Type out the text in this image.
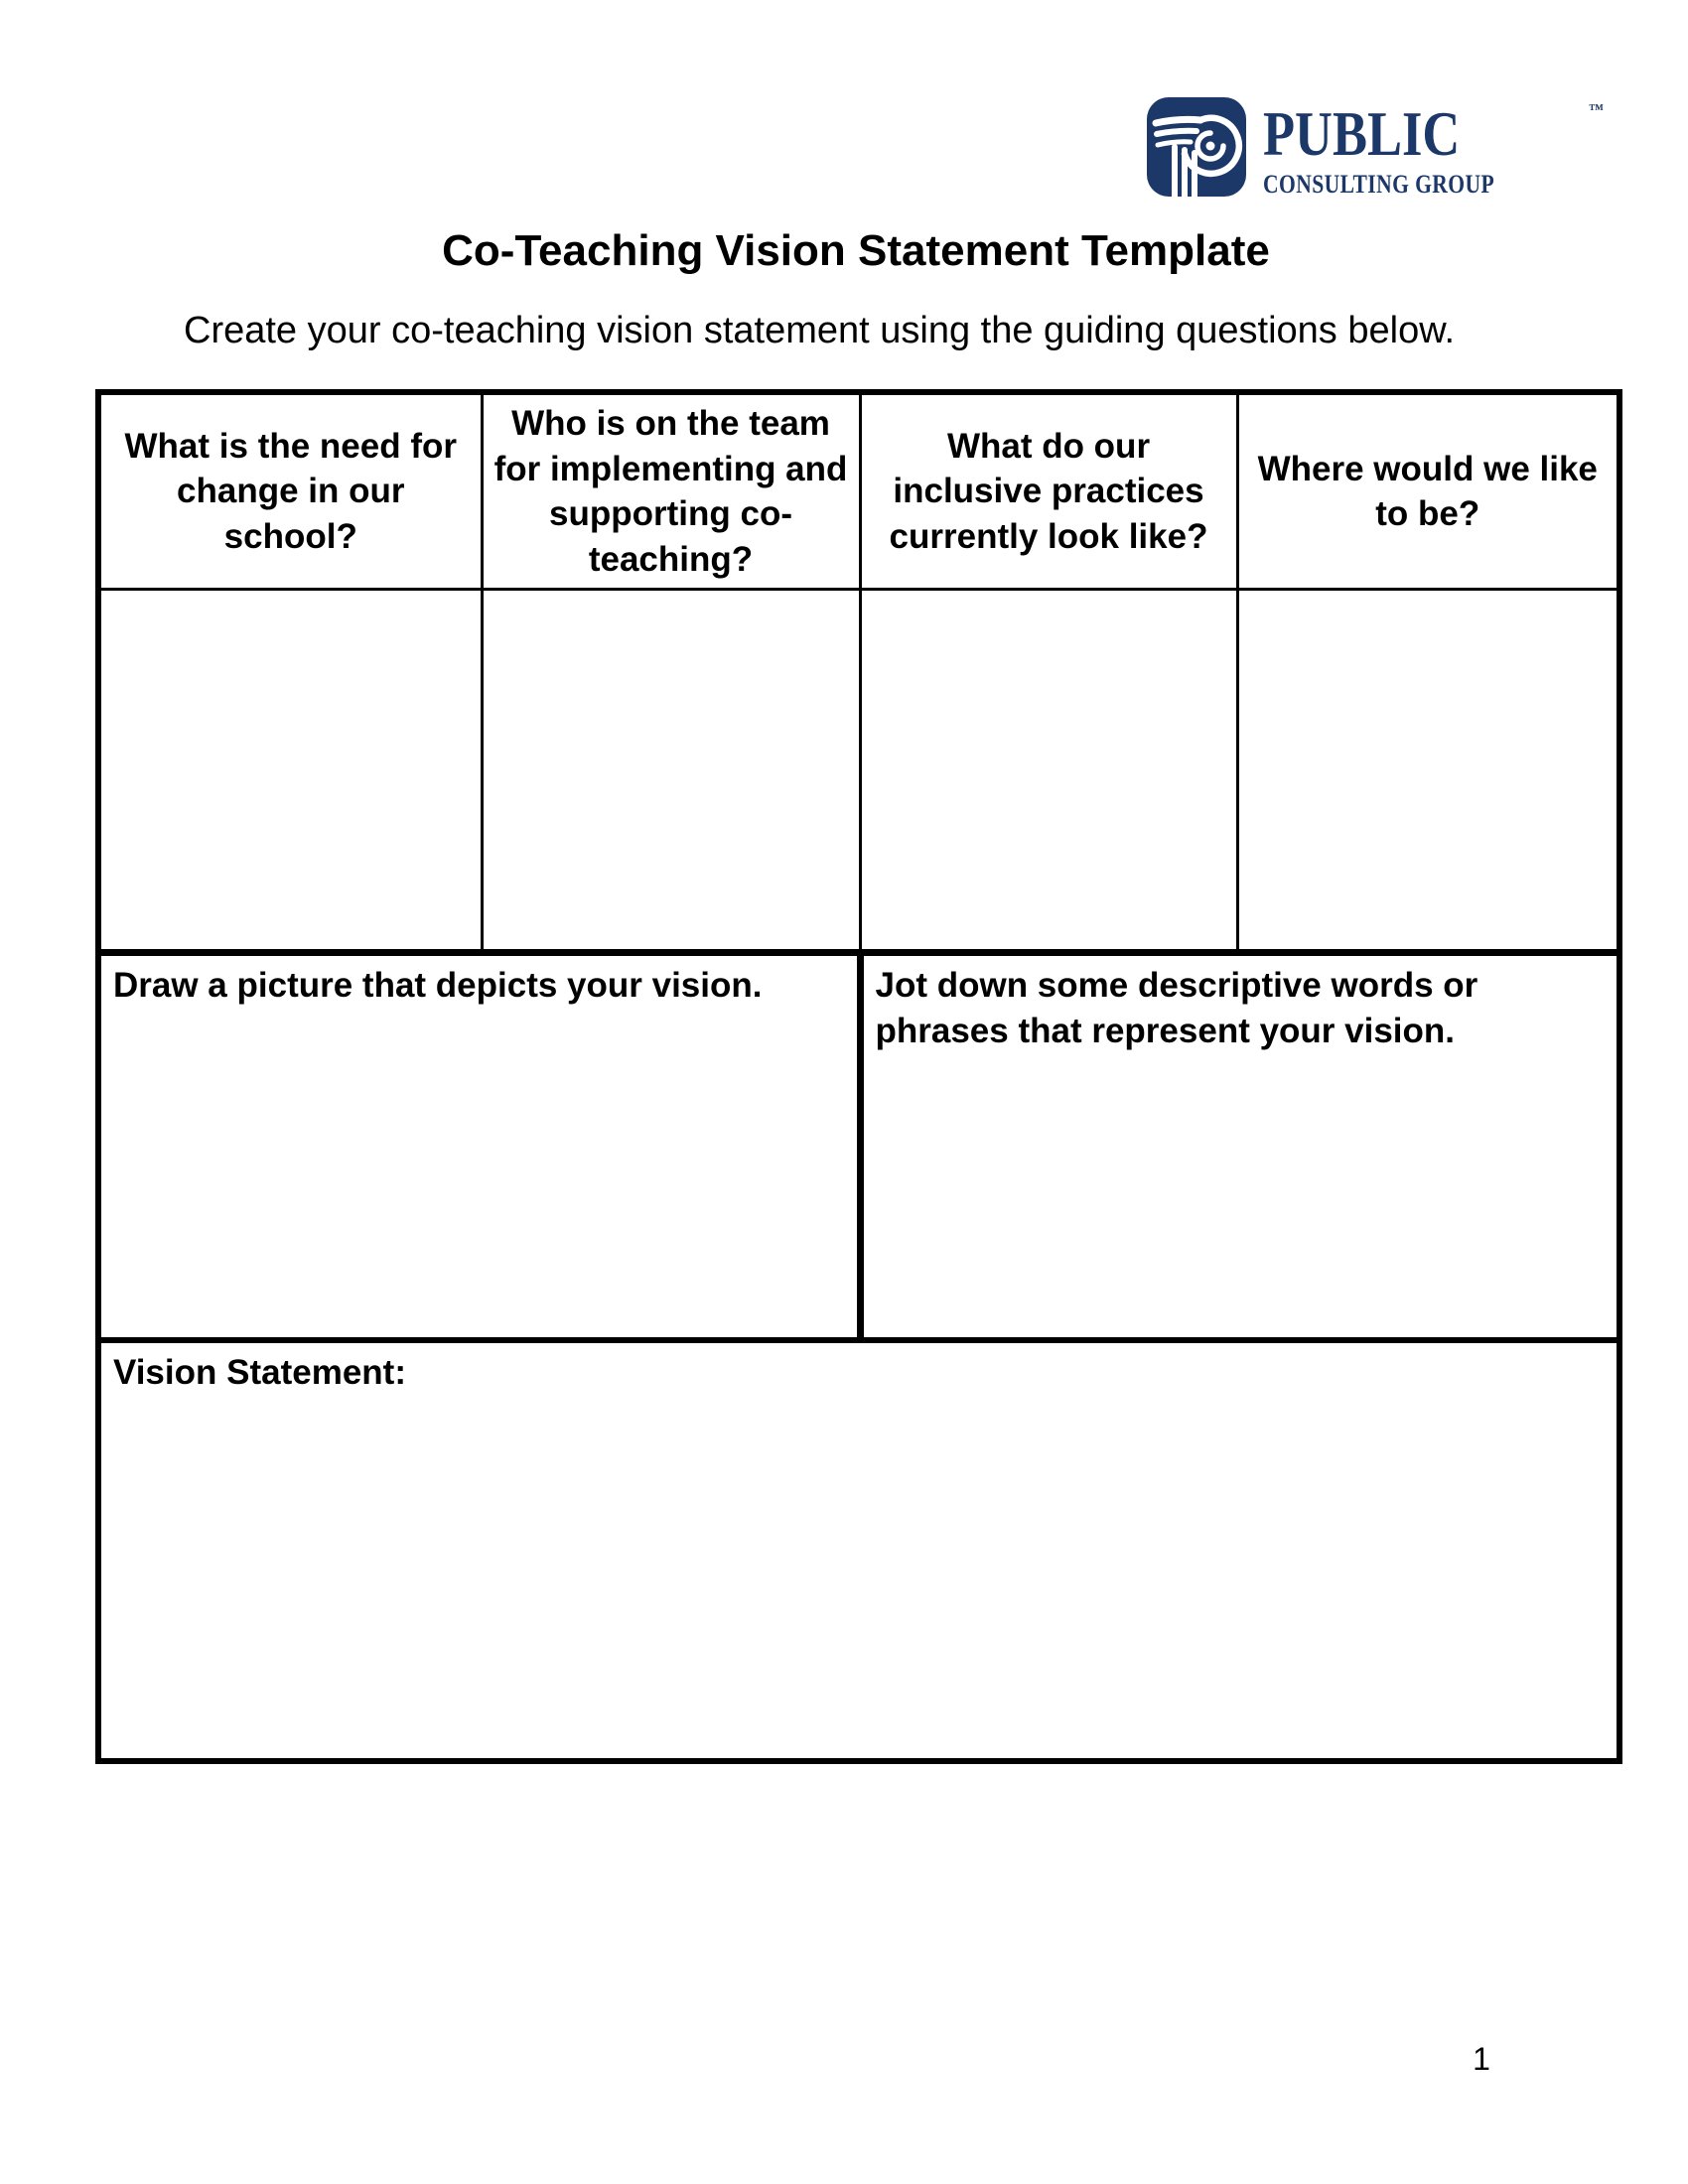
PUBLIC	™

CONSULTING GROUP
Co-Teaching Vision Statement Template
Create your co-teaching vision statement using the guiding questions below.
What is the need for change in our school?	Who is on the team for implementing and supporting co-teaching?	What do our inclusive practices currently look like?	Where would we like to be?

Draw a picture that depicts your vision.		Jot down some descriptive words or phrases that represent your vision.	
Vision Statement:			
1
